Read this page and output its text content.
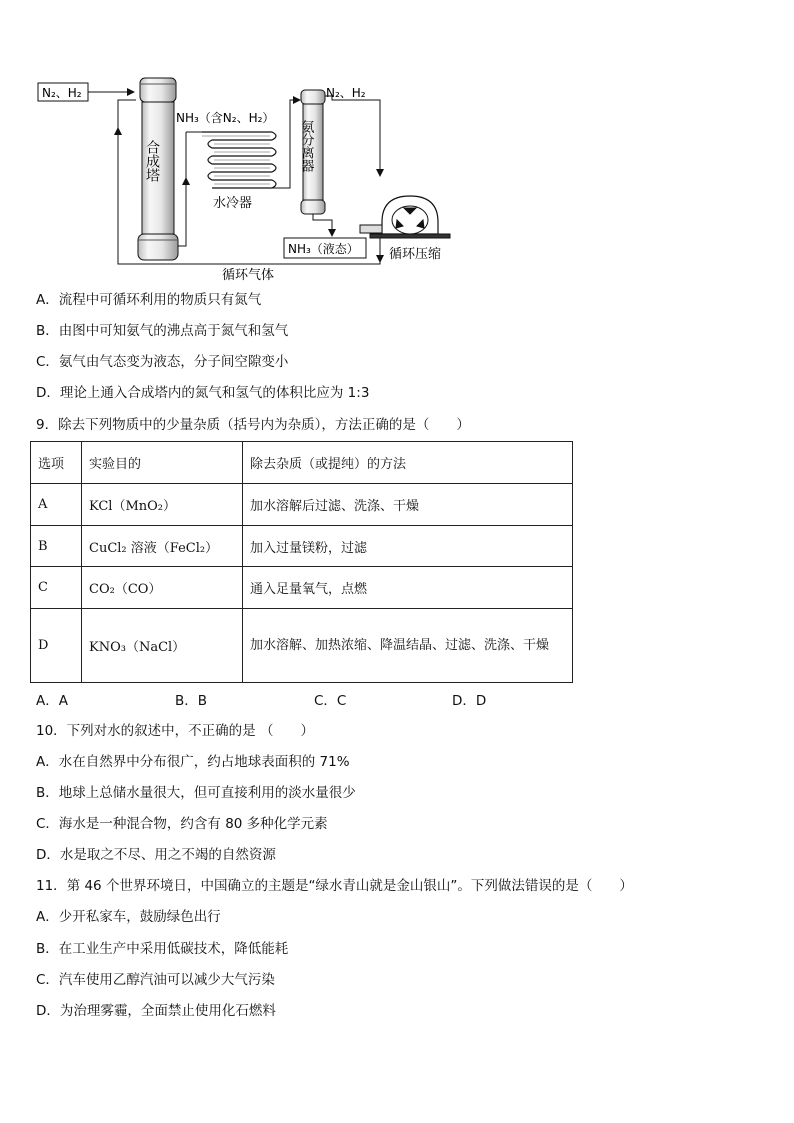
N₂、H₂
合成塔
NH₃（含N₂、H₂）
水冷器
氨分离器
NH₃（液态）
N₂、H₂
循环压缩
循环气体
A．流程中可循环利用的物质只有氮气
B．由图中可知氨气的沸点高于氮气和氢气
C．氨气由气态变为液态，分子间空隙变小
D．理论上通入合成塔内的氮气和氢气的体积比应为 1:3
9．除去下列物质中的少量杂质（括号内为杂质），方法正确的是（　　）
选项	实验目的	除去杂质（或提纯）的方法
A	KCl（MnO₂）	加水溶解后过滤、洗涤、干燥
B	CuCl₂ 溶液（FeCl₂）	加入过量镁粉，过滤
C	CO₂（CO）	通入足量氧气，点燃
D	KNO₃（NaCl）	加水溶解、加热浓缩、降温结晶、过滤、洗涤、干燥
A．A	B．B	C．C	D．D
10．下列对水的叙述中，不正确的是 （　　）
A．水在自然界中分布很广，约占地球表面积的 71%
B．地球上总储水量很大，但可直接利用的淡水量很少
C．海水是一种混合物，约含有 80 多种化学元素
D．水是取之不尽、用之不竭的自然资源
11．第 46 个世界环境日，中国确立的主题是“绿水青山就是金山银山”。下列做法错误的是（　　）
A．少开私家车，鼓励绿色出行
B．在工业生产中采用低碳技术，降低能耗
C．汽车使用乙醇汽油可以减少大气污染
D．为治理雾霾，全面禁止使用化石燃料
